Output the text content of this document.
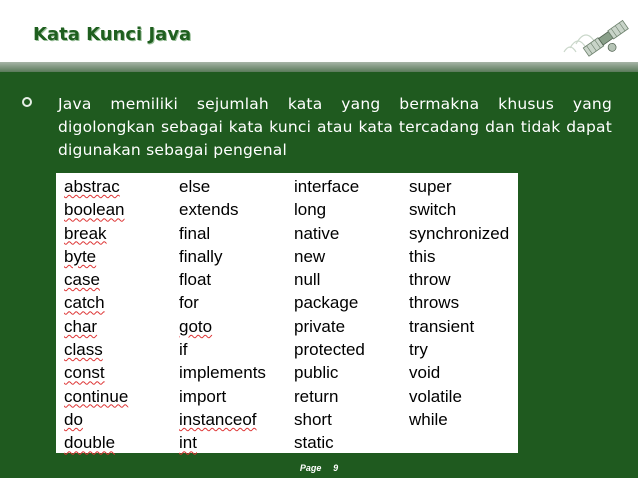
Kata Kunci Java
Java memiliki sejumlah kata yang bermakna khusus yang digolongkan sebagai kata kunci atau kata tercadang dan tidak dapat digunakan sebagai pengenal
abstrac	else	interface	super
boolean	extends	long	switch
break	final	native	synchronized
byte	finally	new	this
case	float	null	throw
catch	for	package	throws
char	goto	private	transient
class	if	protected	try
const	implements	public	void
continue	import	return	volatile
do	instanceof	short	while
double	int	static
Page 9
